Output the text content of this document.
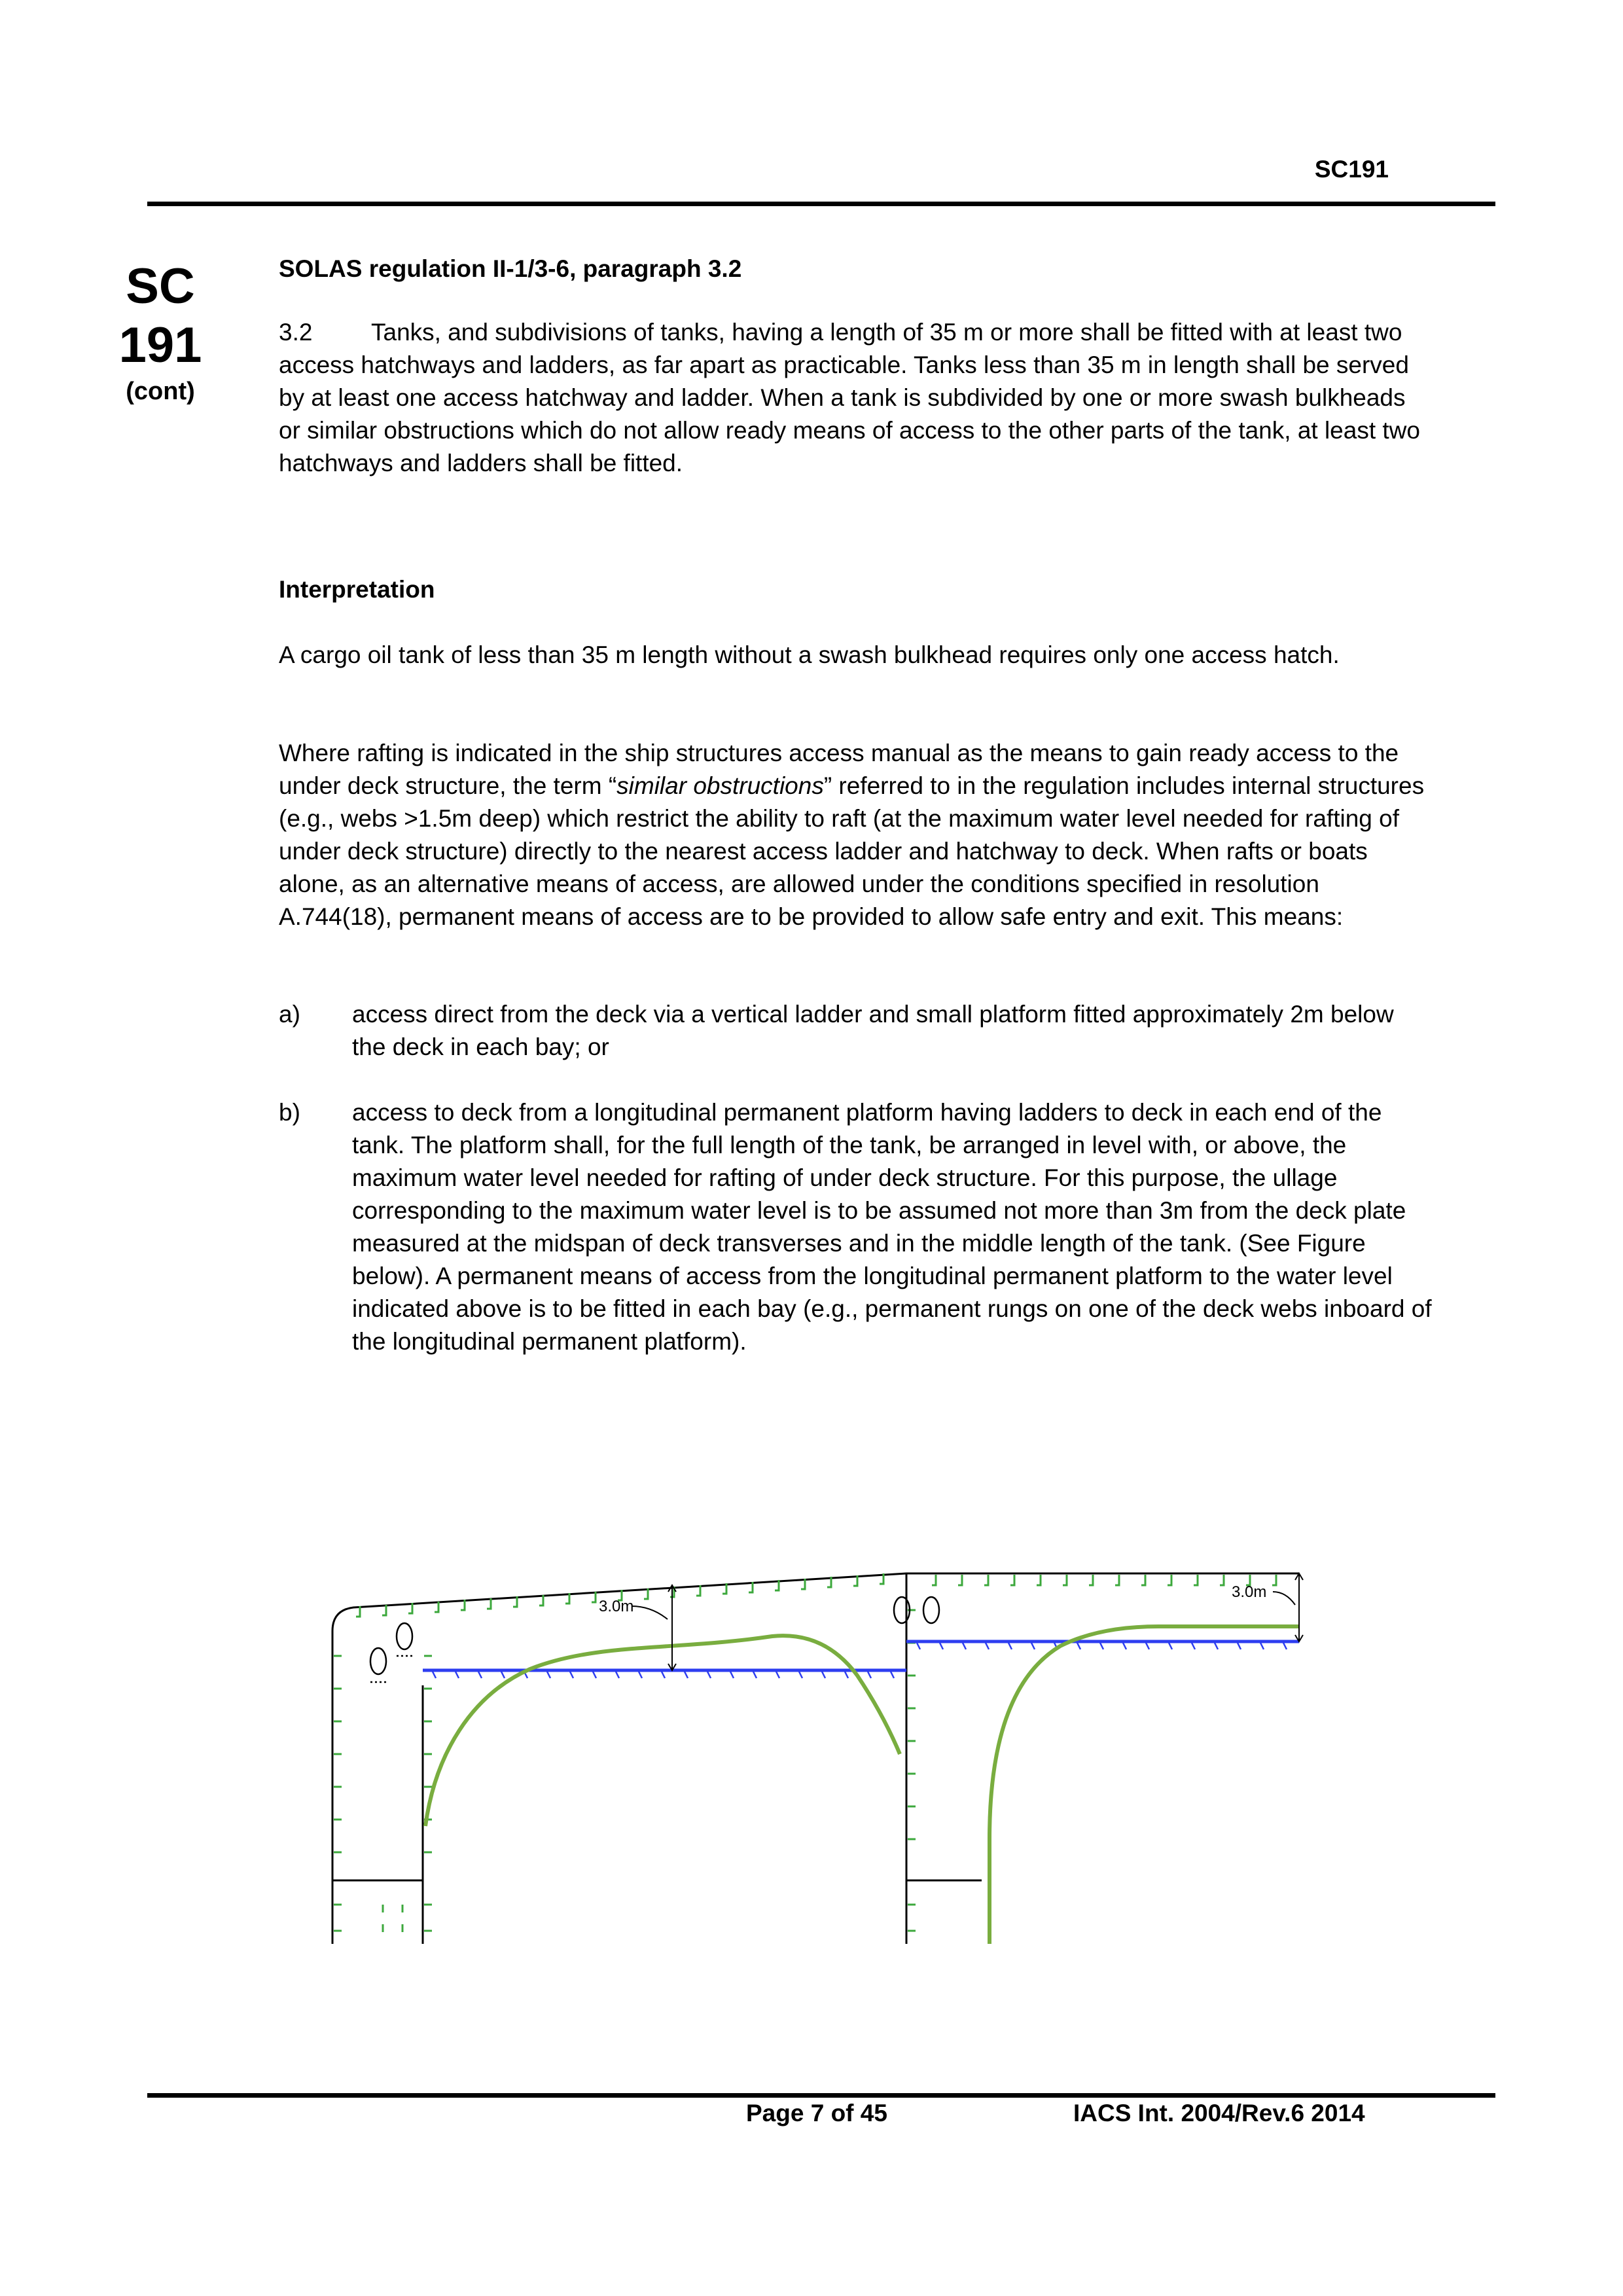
SC191
SC
191
(cont)

SOLAS regulation II-1/3-6, paragraph 3.2

3.2 Tanks, and subdivisions of tanks, having a length of 35 m or more shall be fitted with at least two access hatchways and ladders, as far apart as practicable. Tanks less than 35 m in length shall be served by at least one access hatchway and ladder. When a tank is subdivided by one or more swash bulkheads or similar obstructions which do not allow ready means of access to the other parts of the tank, at least two hatchways and ladders shall be fitted.

Interpretation

A cargo oil tank of less than 35 m length without a swash bulkhead requires only one access hatch.

Where rafting is indicated in the ship structures access manual as the means to gain ready access to the under deck structure, the term “similar obstructions” referred to in the regulation includes internal structures (e.g., webs >1.5m deep) which restrict the ability to raft (at the maximum water level needed for rafting of under deck structure) directly to the nearest access ladder and hatchway to deck. When rafts or boats alone, as an alternative means of access, are allowed under the conditions specified in resolution A.744(18), permanent means of access are to be provided to allow safe entry and exit. This means:

a) access direct from the deck via a vertical ladder and small platform fitted approximately 2m below the deck in each bay; or
b) access to deck from a longitudinal permanent platform having ladders to deck in each end of the tank. The platform shall, for the full length of the tank, be arranged in level with, or above, the maximum water level needed for rafting of under deck structure. For this purpose, the ullage corresponding to the maximum water level is to be assumed not more than 3m from the deck plate measured at the midspan of deck transverses and in the middle length of the tank. (See Figure below). A permanent means of access from the longitudinal permanent platform to the water level indicated above is to be fitted in each bay (e.g., permanent rungs on one of the deck webs inboard of the longitudinal permanent platform).
3.0m
3.0m
Page 7 of 45	IACS Int. 2004/Rev.6 2014
